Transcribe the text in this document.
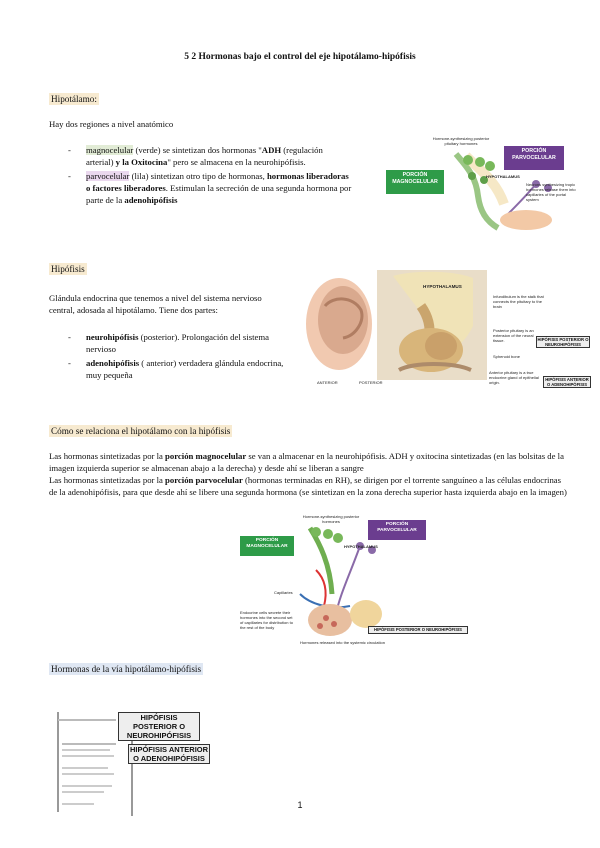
5 2 Hormonas bajo el control del eje hipotálamo-hipófisis
Hipotálamo:
Hay dos regiones a nivel anatómico
- magnocelular (verde) se sintetizan dos hormonas "ADH (regulación arterial) y la Oxitocina" pero se almacena en la neurohipófisis.
- parvocelular (lila) sintetizan otro tipo de hormonas, hormonas liberadoras o factores liberadores. Estimulan la secreción de una segunda hormona por parte de la adenohipófisis
PORCIÓN MAGNOCELULAR
PORCIÓN PARVOCELULAR
Hormone-synthesizing posterior pituitary hormones
HYPOTHALAMUS
Neurons synthesizing tropic hormones release them into capillaries of the portal system
Hipófisis
Glándula endocrina que tenemos a nivel del sistema nervioso central, adosada al hipotálamo. Tiene dos partes:
- neurohipófisis (posterior). Prolongación del sistema nervioso
- adenohipófisis ( anterior) verdadera glándula endocrina, muy pequeña
HYPOTHALAMUS
Infundibulum is the stalk that connects the pituitary to the brain
Posterior pituitary is an extension of the neural tissue.	HIPÓFISIS POSTERIOR O NEUROHIPÓFISIS
Sphenoid bone
Anterior pituitary is a true endocrine gland of epithelial origin.
HIPÓFISIS ANTERIOR O ADENOHIPÓFISIS
ANTERIOR	POSTERIOR
Cómo se relaciona el hipotálamo con la hipófisis
Las hormonas sintetizadas por la porción magnocelular se van a almacenar en la neurohipófisis. ADH y oxitocina sintetizadas (en las bolsitas de la imagen izquierda superior se almacenan abajo a la derecha) y desde ahí se liberan a sangre
Las hormonas sintetizadas por la porción parvocelular (hormonas terminadas en RH), se dirigen por el torrente sanguíneo a las células endocrinas de la adenohipófisis, para que desde ahí se libere una segunda hormona (se sintetizan en la zona derecha superior hasta izquierda abajo en la imagen)
PORCIÓN MAGNOCELULAR
PORCIÓN PARVOCELULAR
Hormone-synthesizing posterior hormones
HYPOTHALAMUS
Capillaries
Endocrine cells secrete their hormones into the second set of capillaries for distribution to the rest of the body	HIPÓFISIS POSTERIOR O NEUROHIPÓFISIS
Hormones released into the systemic circulation
Hormonas de la vía hipotálamo-hipófisis
HIPÓFISIS POSTERIOR O NEUROHIPÓFISIS
HIPÓFISIS ANTERIOR O ADENOHIPÓFISIS
1
